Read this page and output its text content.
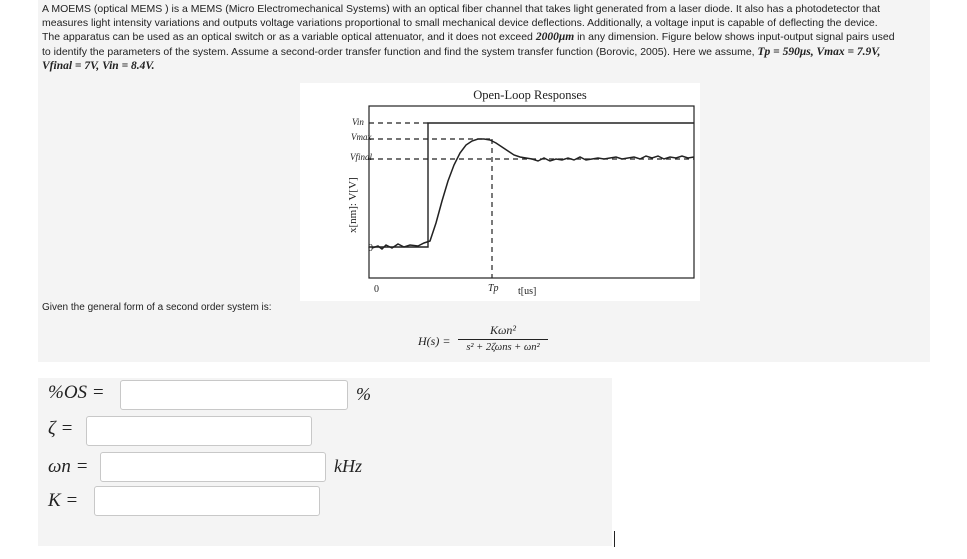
A MOEMS (optical MEMS ) is a MEMS (Micro Electromechanical Systems) with an optical fiber channel that takes light generated from a laser diode. It also has a photodetector that
measures light intensity variations and outputs voltage variations proportional to small mechanical device deflections. Additionally, a voltage input is capable of deflecting the device.
The apparatus can be used as an optical switch or as a variable optical attenuator, and it does not exceed 2000μm in any dimension. Figure below shows input-output signal pairs used
to identify the parameters of the system. Assume a second-order transfer function and find the system transfer function (Borovic, 2005). Here we assume, Tp = 590μs, Vmax = 7.9V,
Vfinal = 7V, Vin = 8.4V.
Open-Loop Responses
x[nm]: V[V]
Vin
Vmax
Vfinal
0
0	Tp t[us]
Given the general form of a second order system is:
H(s) =
Kωn²
s² + 2ζωns + ωn²
%OS =	%
ζ =
ωn =	kHz
K =
